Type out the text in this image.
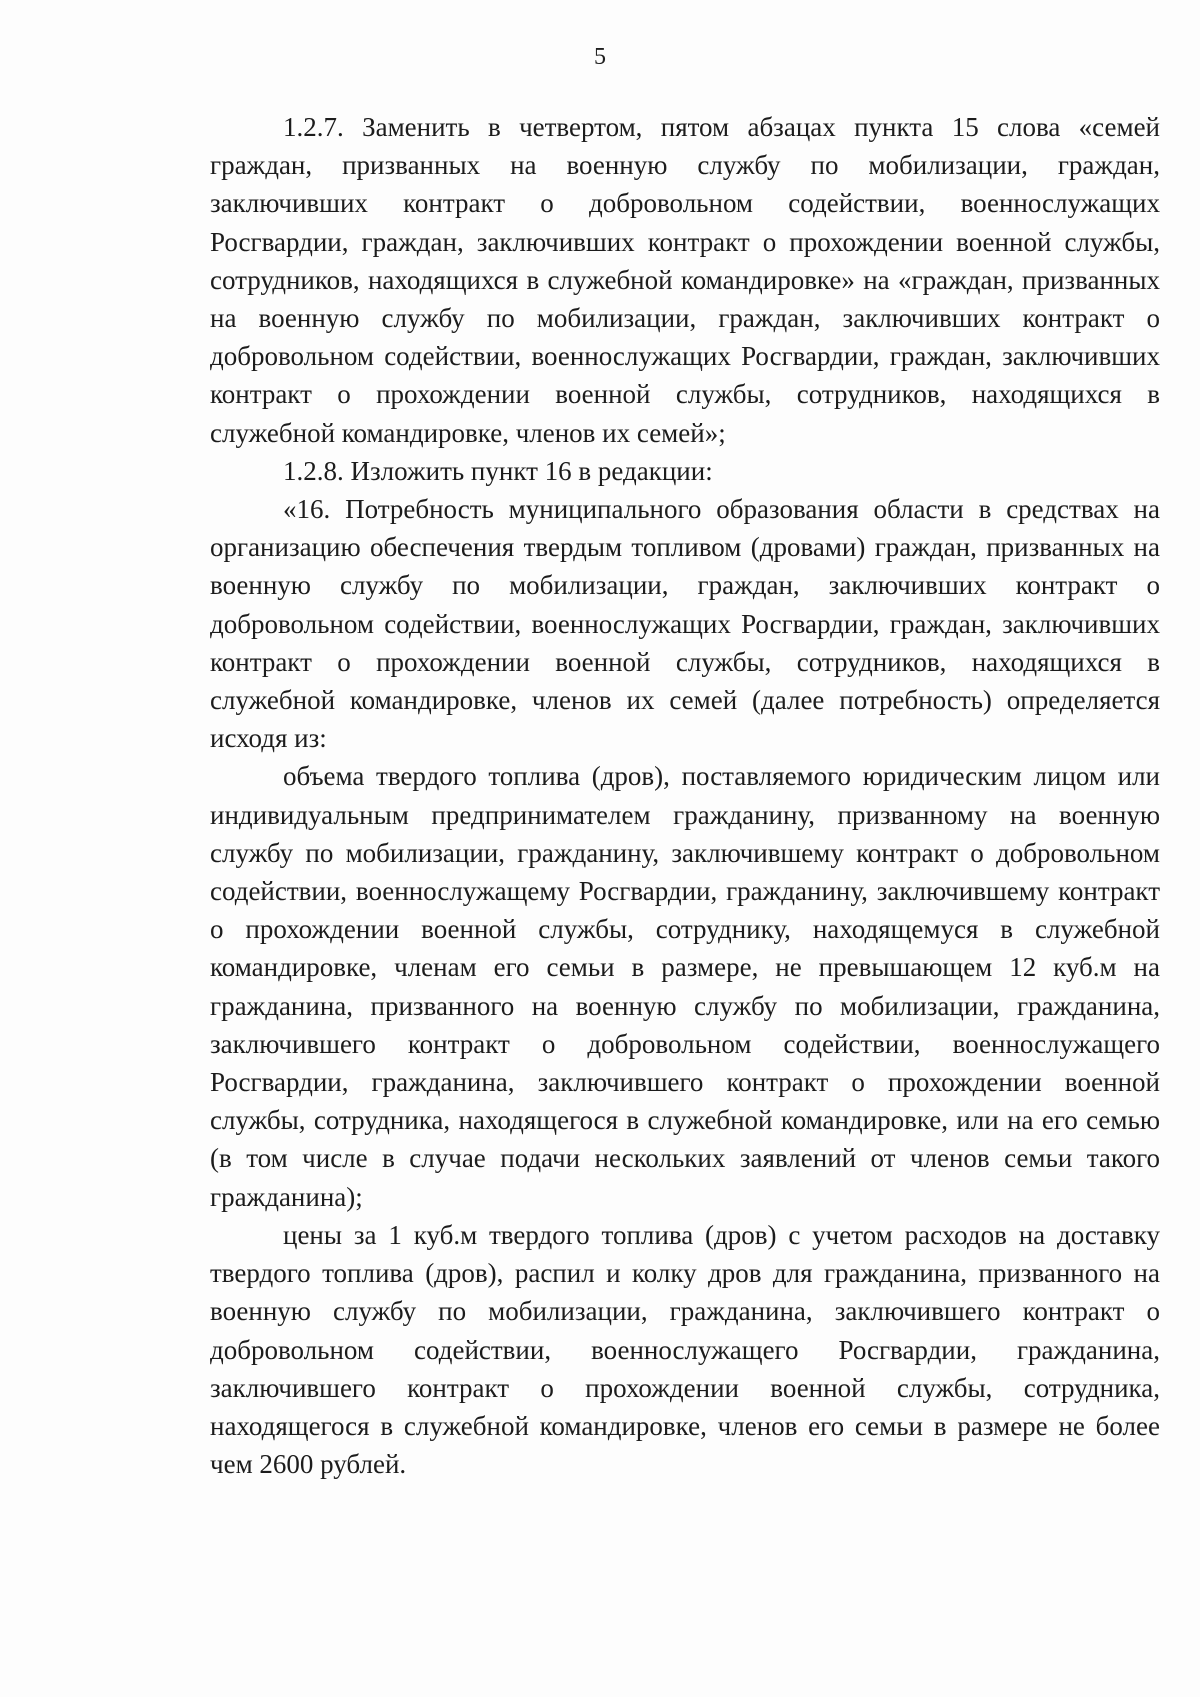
5

1.2.7. Заменить в четвертом, пятом абзацах пункта 15 слова «семей граждан, призванных на военную службу по мобилизации, граждан, заключивших контракт о добровольном содействии, военнослужащих Росгвардии, граждан, заключивших контракт о прохождении военной службы, сотрудников, находящихся в служебной командировке» на «граждан, призванных на военную службу по мобилизации, граждан, заключивших контракт о добровольном содействии, военнослужащих Росгвардии, граждан, заключивших контракт о прохождении военной службы, сотрудников, находящихся в служебной командировке, членов их семей»;

1.2.8. Изложить пункт 16 в редакции:

«16. Потребность муниципального образования области в средствах на организацию обеспечения твердым топливом (дровами) граждан, призванных на военную службу по мобилизации, граждан, заключивших контракт о добровольном содействии, военнослужащих Росгвардии, граждан, заключивших контракт о прохождении военной службы, сотрудников, находящихся в служебной командировке, членов их семей (далее потребность) определяется исходя из:

объема твердого топлива (дров), поставляемого юридическим лицом или индивидуальным предпринимателем гражданину, призванному на военную службу по мобилизации, гражданину, заключившему контракт о добровольном содействии, военнослужащему Росгвардии, гражданину, заключившему контракт о прохождении военной службы, сотруднику, находящемуся в служебной командировке, членам его семьи в размере, не превышающем 12 куб.м на гражданина, призванного на военную службу по мобилизации, гражданина, заключившего контракт о добровольном содействии, военнослужащего Росгвардии, гражданина, заключившего контракт о прохождении военной службы, сотрудника, находящегося в служебной командировке, или на его семью (в том числе в случае подачи нескольких заявлений от членов семьи такого гражданина);

цены за 1 куб.м твердого топлива (дров) с учетом расходов на доставку твердого топлива (дров), распил и колку дров для гражданина, призванного на военную службу по мобилизации, гражданина, заключившего контракт о добровольном содействии, военнослужащего Росгвардии, гражданина, заключившего контракт о прохождении военной службы, сотрудника, находящегося в служебной командировке, членов его семьи в размере не более чем 2600 рублей.
